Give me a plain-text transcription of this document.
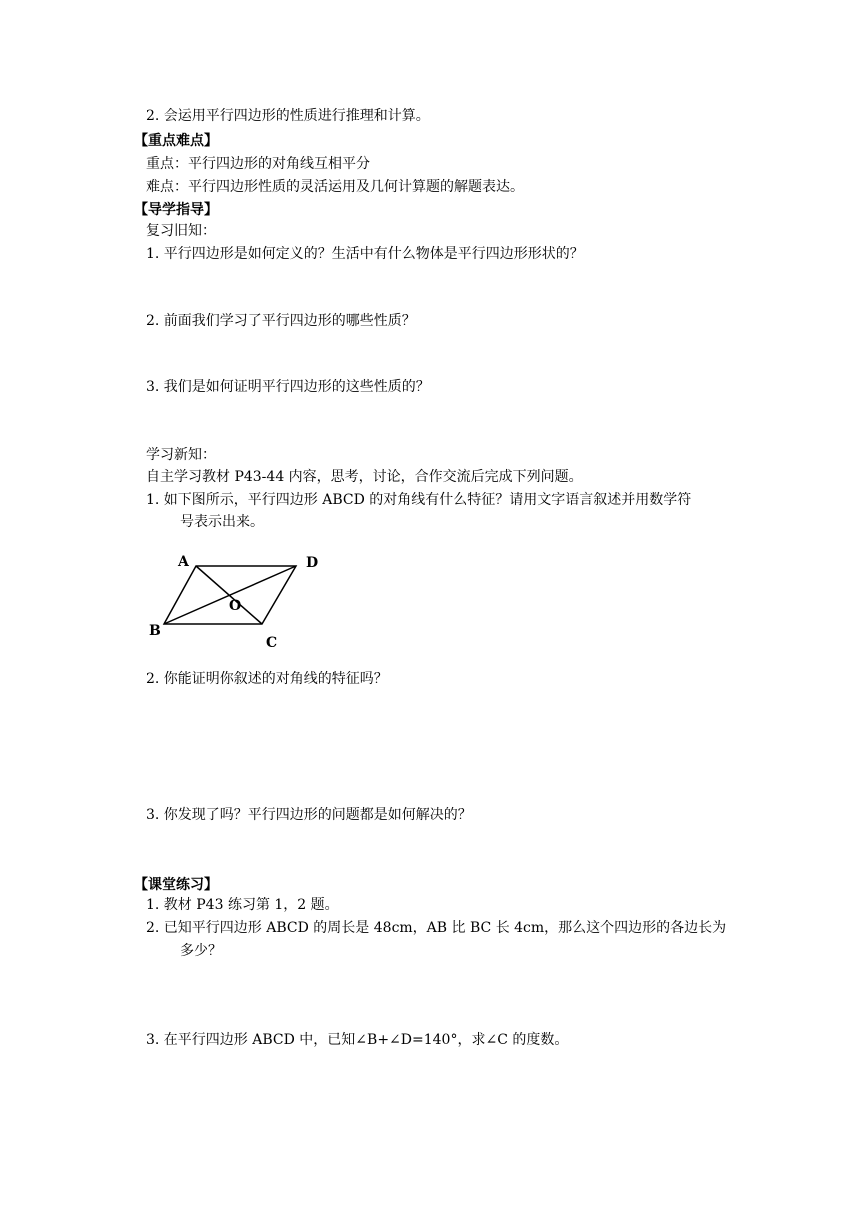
2. 会运用平行四边形的性质进行推理和计算。
【重点难点】
重点：平行四边形的对角线互相平分
难点：平行四边形性质的灵活运用及几何计算题的解题表达。
【导学指导】
复习旧知：
1. 平行四边形是如何定义的？生活中有什么物体是平行四边形形状的？
2. 前面我们学习了平行四边形的哪些性质？
3. 我们是如何证明平行四边形的这些性质的？
学习新知：
自主学习教材 P43-44 内容，思考，讨论，合作交流后完成下列问题。
1. 如下图所示，平行四边形 ABCD 的对角线有什么特征？请用文字语言叙述并用数学符
号表示出来。
A	D
O
B
C
2. 你能证明你叙述的对角线的特征吗？
3. 你发现了吗？平行四边形的问题都是如何解决的？
【课堂练习】
1. 教材 P43 练习第 1，2 题。
2. 已知平行四边形 ABCD 的周长是 48cm，AB 比 BC 长 4cm，那么这个四边形的各边长为
多少？
3. 在平行四边形 ABCD 中，已知∠B+∠D=140°，求∠C 的度数。
